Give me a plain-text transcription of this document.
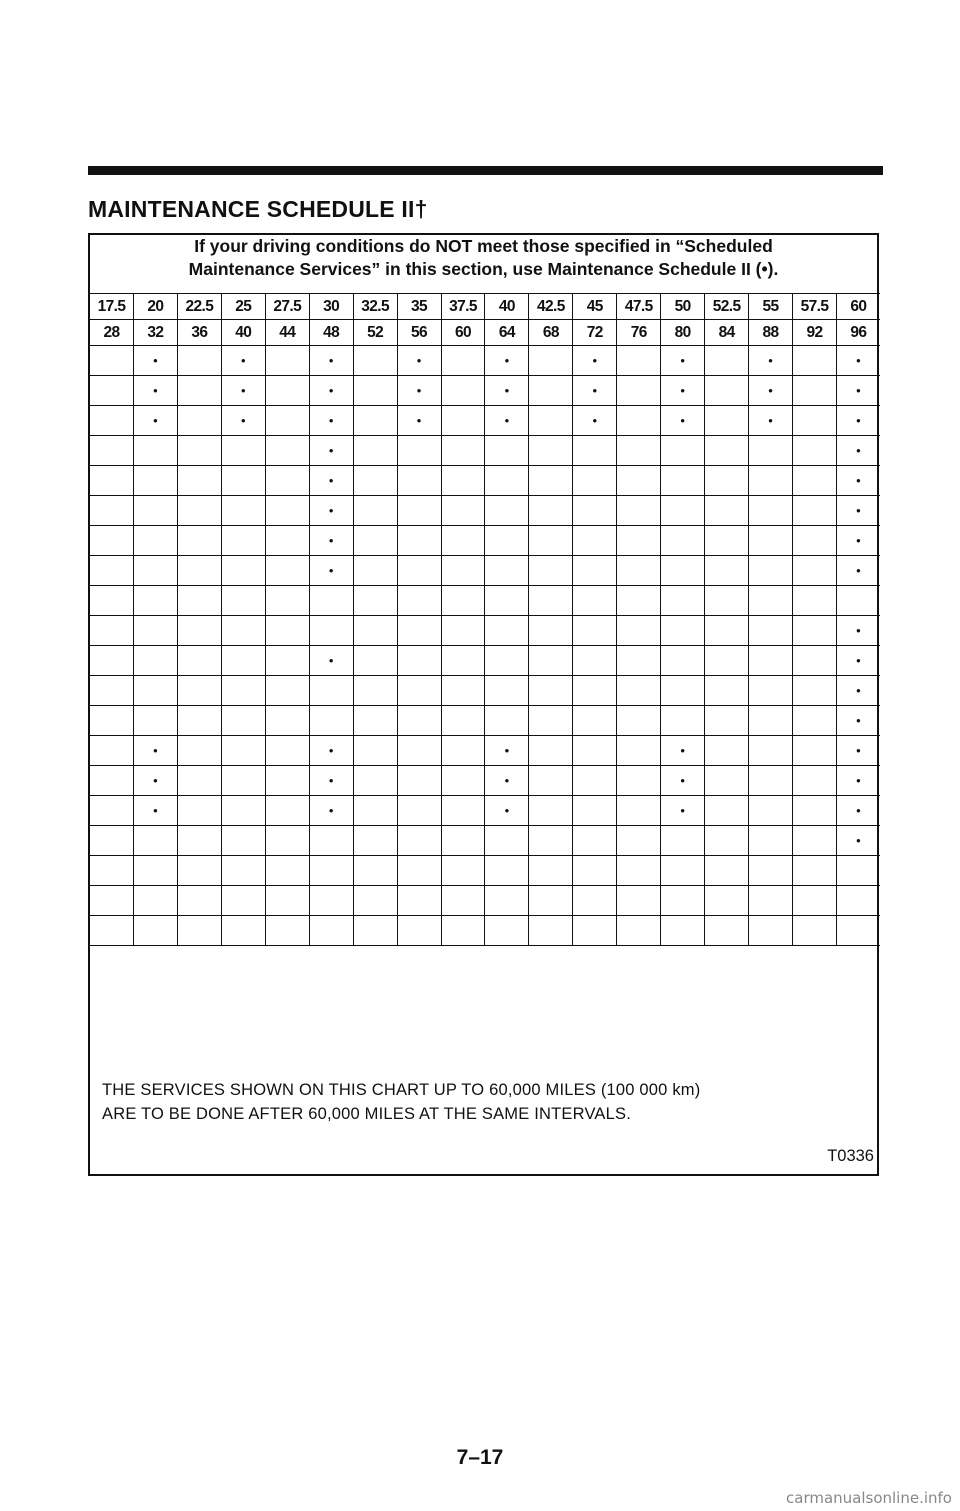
MAINTENANCE SCHEDULE II†
If your driving conditions do NOT meet those specified in “Scheduled
Maintenance Services” in this section, use Maintenance Schedule II (•).
17.5	20	22.5	25	27.5	30	32.5	35	37.5	40	42.5	45	47.5	50	52.5	55	57.5	60
28	32	36	40	44	48	52	56	60	64	68	72	76	80	84	88	92	96
	•		•		•		•		•		•		•		•		•
	•		•		•		•		•		•		•		•		•
	•		•		•		•		•		•		•		•		•
					•												•
					•												•
					•												•
					•												•
					•												•

																	•
					•												•
																	•
																	•
	•				•				•				•				•
	•				•				•				•				•
	•				•				•				•				•
																	•

THE SERVICES SHOWN ON THIS CHART UP TO 60,000 MILES (100 000 km)
ARE TO BE DONE AFTER 60,000 MILES AT THE SAME INTERVALS.
T0336
7–17
carmanualsonline.info
